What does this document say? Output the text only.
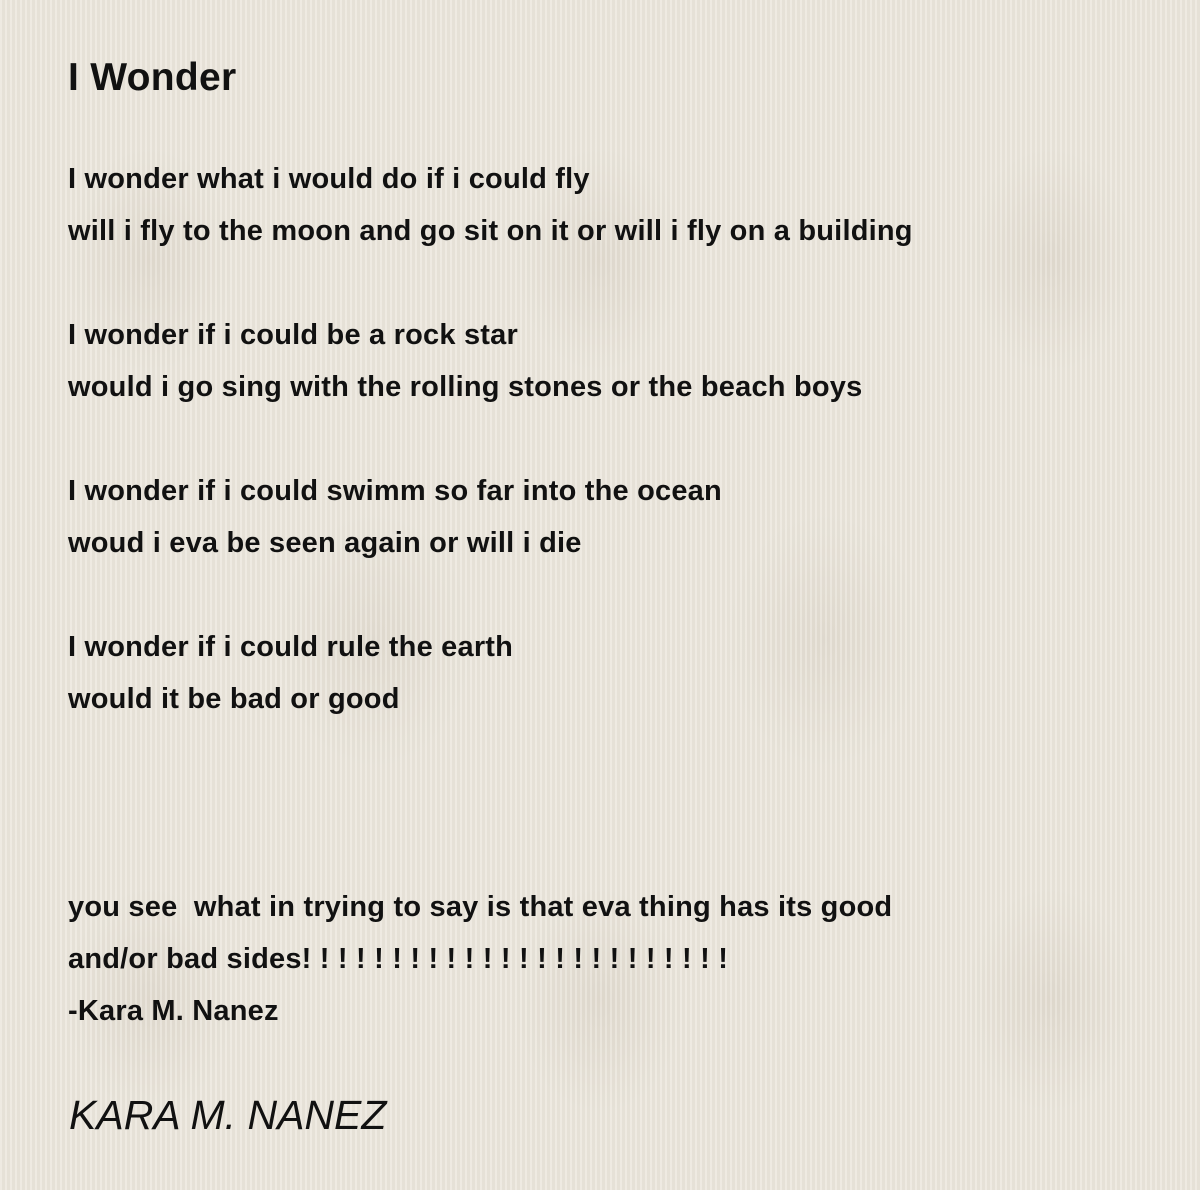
I Wonder
I wonder what i would do if i could fly
will i fly to the moon and go sit on it or will i fly on a building
I wonder if i could be a rock star
would i go sing with the rolling stones or the beach boys
I wonder if i could swimm so far into the ocean
woud i eva be seen again or will i die
I wonder if i could rule the earth
would it be bad or good
you see  what in trying to say is that eva thing has its good
and/or bad sides! ! ! ! ! ! ! ! ! ! ! ! ! ! ! ! ! ! ! ! ! ! ! !
-Kara M. Nanez

KARA M. NANEZ
